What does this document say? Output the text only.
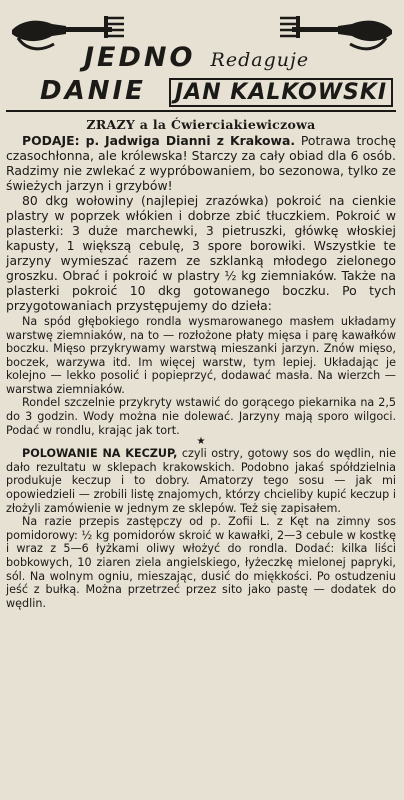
JEDNO Redaguje
DANIE JAN KALKOWSKI

ZRAZY a la Ćwierciakiewiczowa

PODAJE: p. Jadwiga Dianni z Krakowa. Potrawa trochę czasochłonna, ale królewska! Starczy za cały obiad dla 6 osób. Radzimy nie zwlekać z wypróbowaniem, bo sezonowa, tylko ze świeżych jarzyn i grzybów!

80 dkg wołowiny (najlepiej zrazówka) pokroić na cienkie plastry w poprzek włókien i dobrze zbić tłuczkiem. Pokroić w plasterki: 3 duże marchewki, 3 pietruszki, główkę włoskiej kapusty, 1 większą cebulę, 3 spore borowiki. Wszystkie te jarzyny wymieszać razem ze szklanką młodego zielonego groszku. Obrać i pokroić w plastry ½ kg ziemniaków. Także na plasterki pokroić 10 dkg gotowanego boczku. Po tych przygotowaniach przystępujemy do dzieła:

Na spód głębokiego rondla wysmarowanego masłem układamy warstwę ziemniaków, na to — rozłożone płaty mięsa i parę kawałków boczku. Mięso przykrywamy warstwą mieszanki jarzyn. Znów mięso, boczek, warzywa itd. Im więcej warstw, tym lepiej. Układając je kolejno — lekko posolić i popieprzyć, dodawać masła. Na wierzch — warstwa ziemniaków.

Rondel szczelnie przykryty wstawić do gorącego piekarnika na 2,5 do 3 godzin. Wody można nie dolewać. Jarzyny mają sporo wilgoci. Podać w rondlu, krając jak tort.

★

POLOWANIE NA KECZUP, czyli ostry, gotowy sos do wędlin, nie dało rezultatu w sklepach krakowskich. Podobno jakaś spółdzielnia produkuje keczup i to dobry. Amatorzy tego sosu — jak mi opowiedzieli — zrobili listę znajomych, którzy chcieliby kupić keczup i złożyli zamówienie w jednym ze sklepów. Też się zapisałem.

Na razie przepis zastępczy od p. Zofii L. z Kęt na zimny sos pomidorowy: ½ kg pomidorów skroić w kawałki, 2—3 cebule w kostkę i wraz z 5—6 łyżkami oliwy włożyć do rondla. Dodać: kilka liści bobkowych, 10 ziaren ziela angielskiego, łyżeczkę mielonej papryki, sól. Na wolnym ogniu, mieszając, dusić do miękkości. Po ostudzeniu jeść z bułką. Można przetrzeć przez sito jako pastę — dodatek do wędlin.
